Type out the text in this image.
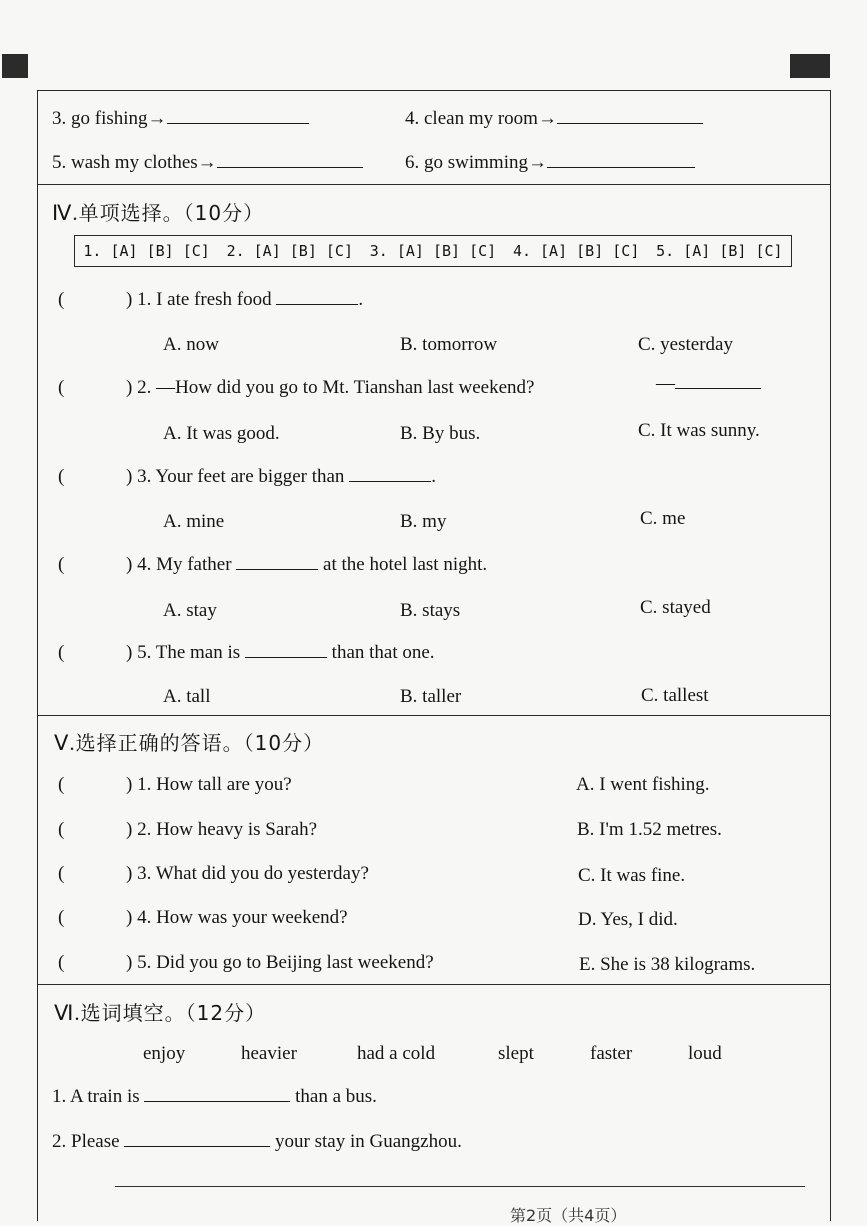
3. go fishing→	4. clean my room→
5. wash my clothes→	6. go swimming→
Ⅳ.单项选择。（10分）
1. [A] [B] [C] 2. [A] [B] [C] 3. [A] [B] [C] 4. [A] [B] [C] 5. [A] [B] [C]
(	) 1. I ate fresh food	.
A. now	B. tomorrow	C. yesterday
(	) 2. —How did you go to Mt. Tianshan last weekend?	—
A. It was good.	B. By bus.	C. It was sunny.
(	) 3. Your feet are bigger than	.
A. mine	B. my	C. me
(	) 4. My father	at the hotel last night.
A. stay	B. stays	C. stayed
(	) 5. The man is	than that one.
A. tall	B. taller	C. tallest
Ⅴ.选择正确的答语。（10分）
(	) 1. How tall are you?	A. I went fishing.
(	) 2. How heavy is Sarah?	B. I'm 1.52 metres.
(	) 3. What did you do yesterday?	C. It was fine.
(	) 4. How was your weekend?	D. Yes, I did.
(	) 5. Did you go to Beijing last weekend?	E. She is 38 kilograms.
Ⅵ.选词填空。（12分）
enjoy	heavier	had a cold	slept	faster	loud
1. A train is	than a bus.
2. Please	your stay in Guangzhou.
第2页（共4页）
